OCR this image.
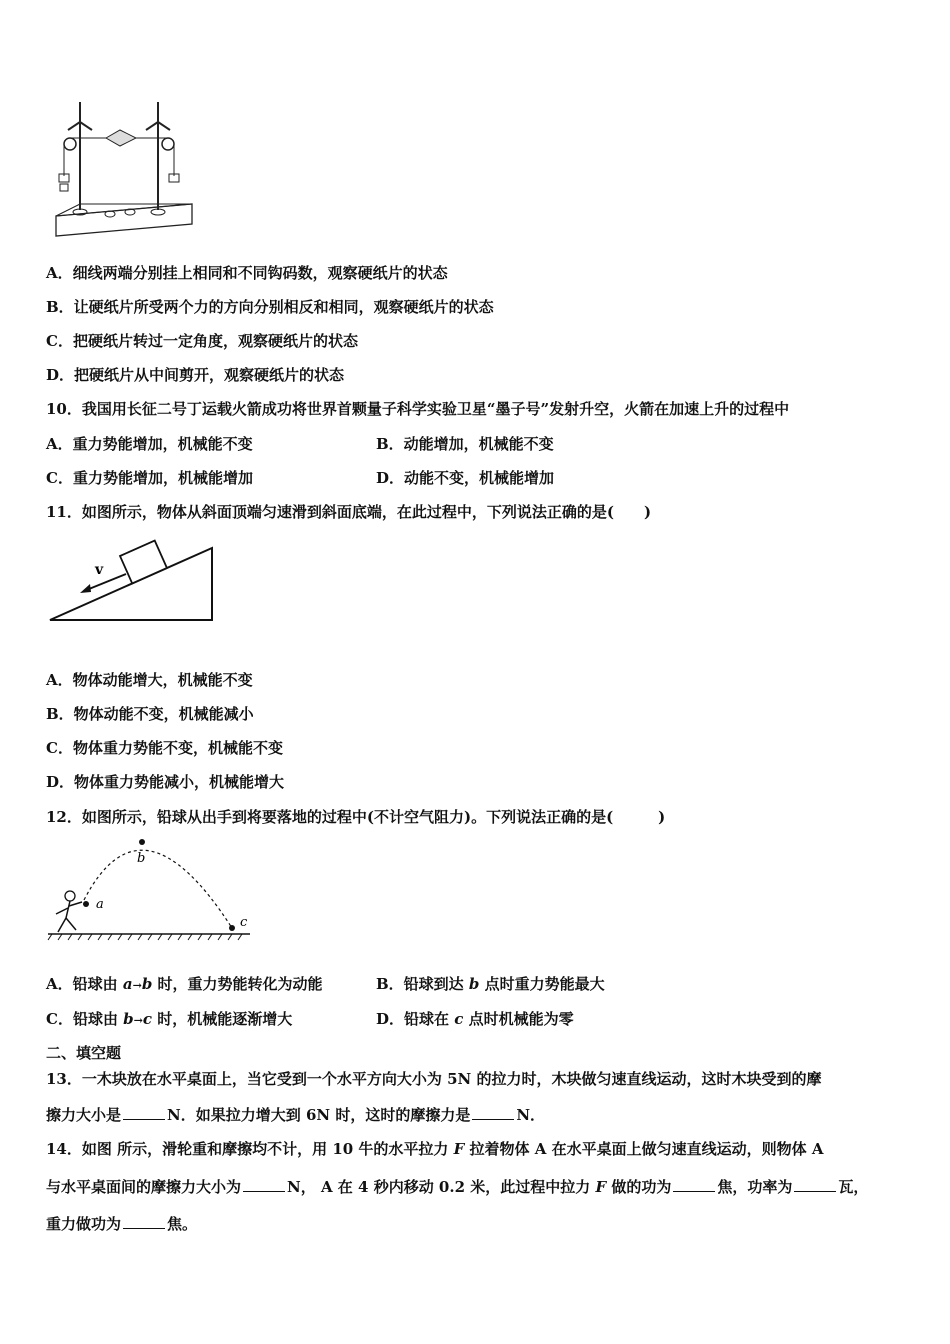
A．细线两端分别挂上相同和不同钩码数，观察硬纸片的状态
B．让硬纸片所受两个力的方向分别相反和相同，观察硬纸片的状态
C．把硬纸片转过一定角度，观察硬纸片的状态
D．把硬纸片从中间剪开，观察硬纸片的状态
10．我国用长征二号丁运载火箭成功将世界首颗量子科学实验卫星“墨子号”发射升空，火箭在加速上升的过程中
A．重力势能增加，机械能不变	B．动能增加，机械能不变
C．重力势能增加，机械能增加	D．动能不变，机械能增加
11．如图所示，物体从斜面顶端匀速滑到斜面底端，在此过程中，下列说法正确的是(　　)
v
A．物体动能增大，机械能不变
B．物体动能不变，机械能减小
C．物体重力势能不变，机械能不变
D．物体重力势能减小，机械能增大
12．如图所示，铅球从出手到将要落地的过程中(不计空气阻力)。下列说法正确的是(　　　)
a
b
c
A．铅球由 a→b 时，重力势能转化为动能	B．铅球到达 b 点时重力势能最大
C．铅球由 b→c 时，机械能逐渐增大	D．铅球在 c 点时机械能为零
二、填空题
13．一木块放在水平桌面上，当它受到一个水平方向大小为 5N 的拉力时，木块做匀速直线运动，这时木块受到的摩
擦力大小是	N．如果拉力增大到 6N 时，这时的摩擦力是	N．
14．如图 所示，滑轮重和摩擦均不计，用 10 牛的水平拉力 F 拉着物体 A 在水平桌面上做匀速直线运动，则物体 A
与水平桌面间的摩擦力大小为	N， A 在 4 秒内移动 0.2 米，此过程中拉力 F 做的功为	焦，功率为	瓦，
重力做功为	焦。
